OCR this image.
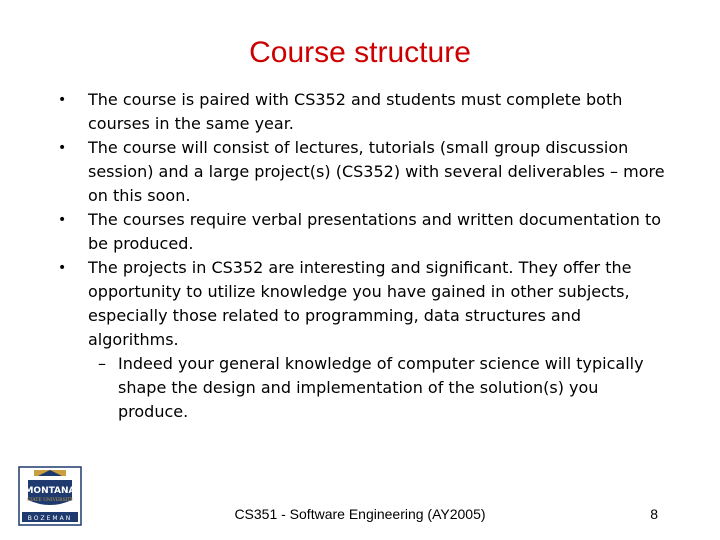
Course structure
• The course is paired with CS352 and students must complete both courses in the same year.
• The course will consist of lectures, tutorials (small group discussion session) and a large project(s) (CS352) with several deliverables – more on this soon.
• The courses require verbal presentations and written documentation to be produced.
• The projects in CS352 are interesting and significant. They offer the opportunity to utilize knowledge you have gained in other subjects, especially those related to programming, data structures and algorithms.
– Indeed your general knowledge of computer science will typically shape the design and implementation of the solution(s) you produce.
MONTANA
STATE UNIVERSITY
BOZEMAN	CS351 - Software Engineering (AY2005)	8
